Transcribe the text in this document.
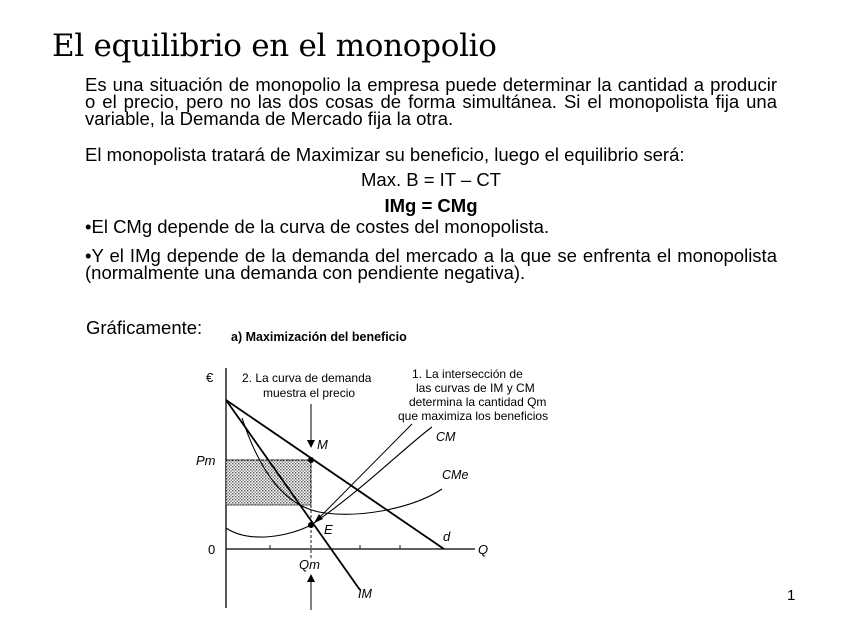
El equilibrio en el monopolio
Es una situación de monopolio la empresa puede determinar la cantidad a producir o el precio, pero no las dos cosas de forma simultánea. Si el monopolista fija una variable, la Demanda de Mercado fija la otra.
El monopolista tratará de Maximizar su beneficio, luego el equilibrio será:
Max. B = IT – CT
IMg = CMg
•El CMg depende de la curva de costes del monopolista.
•Y el IMg depende de la demanda del mercado a la que se enfrenta el monopolista (normalmente una demanda con pendiente negativa).
Gráficamente: a) Maximización del beneficio
€
Q
0
CM
CMe
d
IM
M
E
Pm
Qm
2. La curva de demanda
muestra el precio
1. La intersección de
las curvas de IM y CM
determina la cantidad Qm
que maximiza los beneficios
1
